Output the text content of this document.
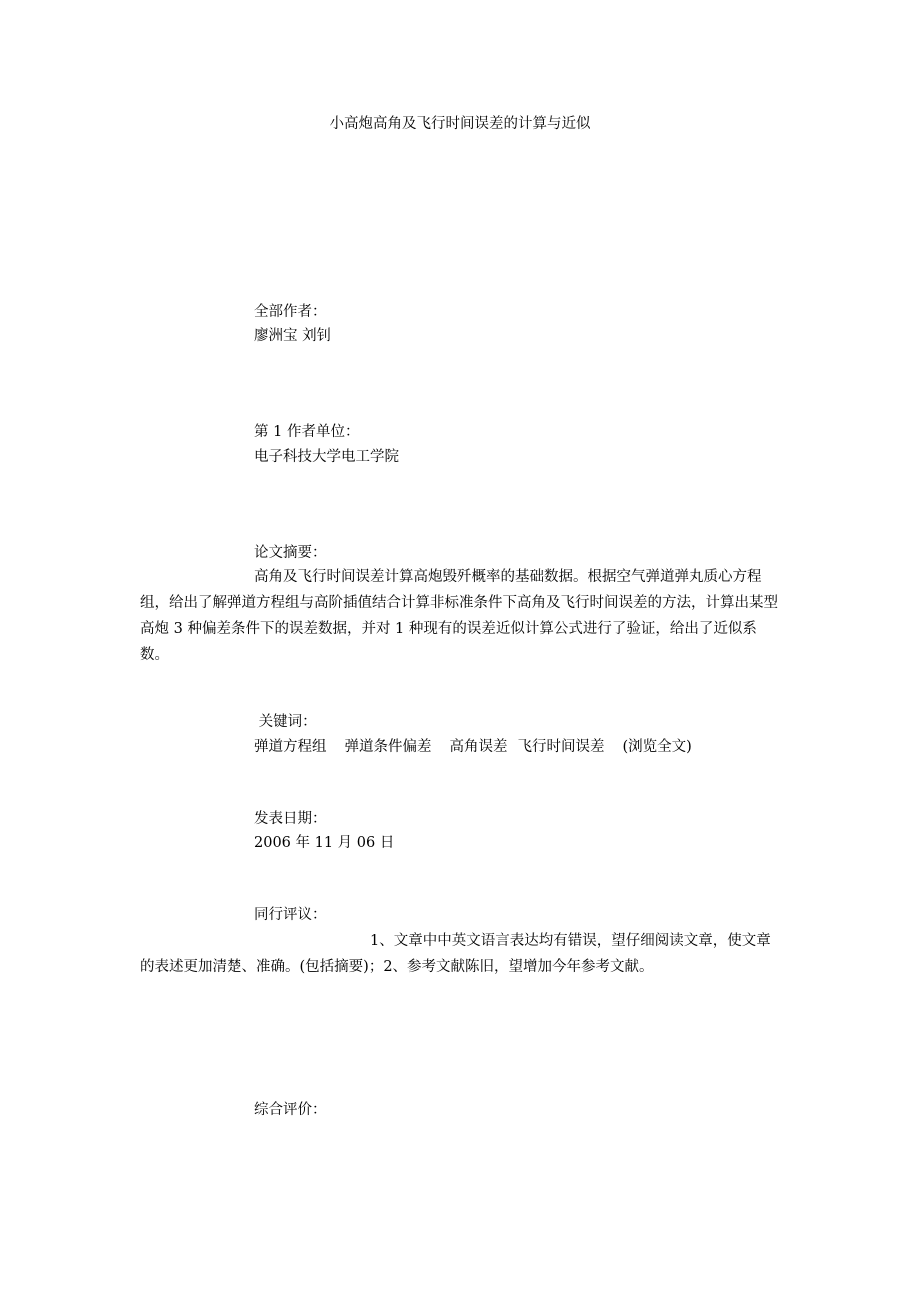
小高炮高角及飞行时间误差的计算与近似
全部作者：
廖洲宝 刘钊
第 1 作者单位：
电子科技大学电工学院
论文摘要：
高角及飞行时间误差计算高炮毁歼概率的基础数据。根据空气弹道弹丸质心方程组，给出了解弹道方程组与高阶插值结合计算非标准条件下高角及飞行时间误差的方法，计算出某型高炮 3 种偏差条件下的误差数据，并对 1 种现有的误差近似计算公式进行了验证，给出了近似系数。
关键词：
弹道方程组 弹道条件偏差 高角误差 飞行时间误差 (浏览全文)
发表日期：
2006 年 11 月 06 日
同行评议：
1、文章中中英文语言表达均有错误，望仔细阅读文章，使文章的表述更加清楚、准确。(包括摘要)；2、参考文献陈旧，望增加今年参考文献。
综合评价：
